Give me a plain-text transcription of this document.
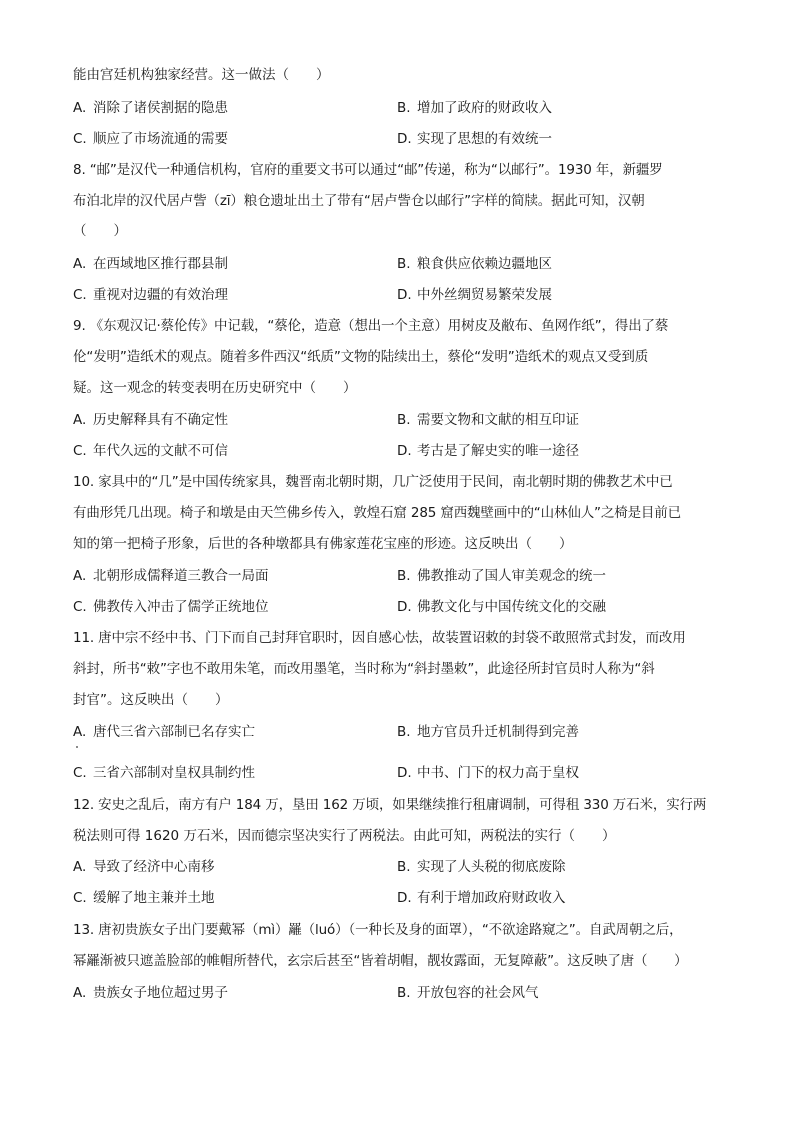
能由宫廷机构独家经营。这一做法（　　）
A. 消除了诸侯割据的隐患	B. 增加了政府的财政收入
C. 顺应了市场流通的需要	D. 实现了思想的有效统一
8. “邮”是汉代一种通信机构，官府的重要文书可以通过“邮”传递，称为“以邮行”。1930 年，新疆罗
布泊北岸的汉代居卢訾（zī）粮仓遗址出土了带有“居卢訾仓以邮行”字样的简牍。据此可知，汉朝
（　　）
A. 在西域地区推行郡县制	B. 粮食供应依赖边疆地区
C. 重视对边疆的有效治理	D. 中外丝绸贸易繁荣发展
9. 《东观汉记·蔡伦传》中记载，“蔡伦，造意（想出一个主意）用树皮及敝布、鱼网作纸”，得出了蔡
伦“发明”造纸术的观点。随着多件西汉“纸质”文物的陆续出土，蔡伦“发明”造纸术的观点又受到质
疑。这一观念的转变表明在历史研究中（　　）
A. 历史解释具有不确定性	B. 需要文物和文献的相互印证
C. 年代久远的文献不可信	D. 考古是了解史实的唯一途径
10. 家具中的“几”是中国传统家具，魏晋南北朝时期，几广泛使用于民间，南北朝时期的佛教艺术中已
有曲形凭几出现。椅子和墩是由天竺佛乡传入，敦煌石窟 285 窟西魏壁画中的“山林仙人”之椅是目前已
知的第一把椅子形象，后世的各种墩都具有佛家莲花宝座的形迹。这反映出（　　）
A. 北朝形成儒释道三教合一局面	B. 佛教推动了国人审美观念的统一
C. 佛教传入冲击了儒学正统地位	D. 佛教文化与中国传统文化的交融
11. 唐中宗不经中书、门下而自己封拜官职时，因自感心怯，故装置诏敕的封袋不敢照常式封发，而改用
斜封，所书“敕”字也不敢用朱笔，而改用墨笔，当时称为“斜封墨敕”，此途径所封官员时人称为“斜
封官”。这反映出（　　）
A. 唐代三省六部制已名存实亡	B. 地方官员升迁机制得到完善
C. 三省六部制对皇权具制约性	D. 中书、门下的权力高于皇权
12. 安史之乱后，南方有户 184 万，垦田 162 万顷，如果继续推行租庸调制，可得租 330 万石米，实行两
税法则可得 1620 万石米，因而德宗坚决实行了两税法。由此可知，两税法的实行（　　）
A. 导致了经济中心南移	B. 实现了人头税的彻底废除
C. 缓解了地主兼并土地	D. 有利于增加政府财政收入
13. 唐初贵族女子出门要戴幂（mì）䍦（luó）（一种长及身的面罩），“不欲途路窥之”。自武周朝之后，
幂䍦渐被只遮盖脸部的帷帽所替代，玄宗后甚至“皆着胡帽，靓妆露面，无复障蔽”。这反映了唐（　　）
A. 贵族女子地位超过男子	B. 开放包容的社会风气
